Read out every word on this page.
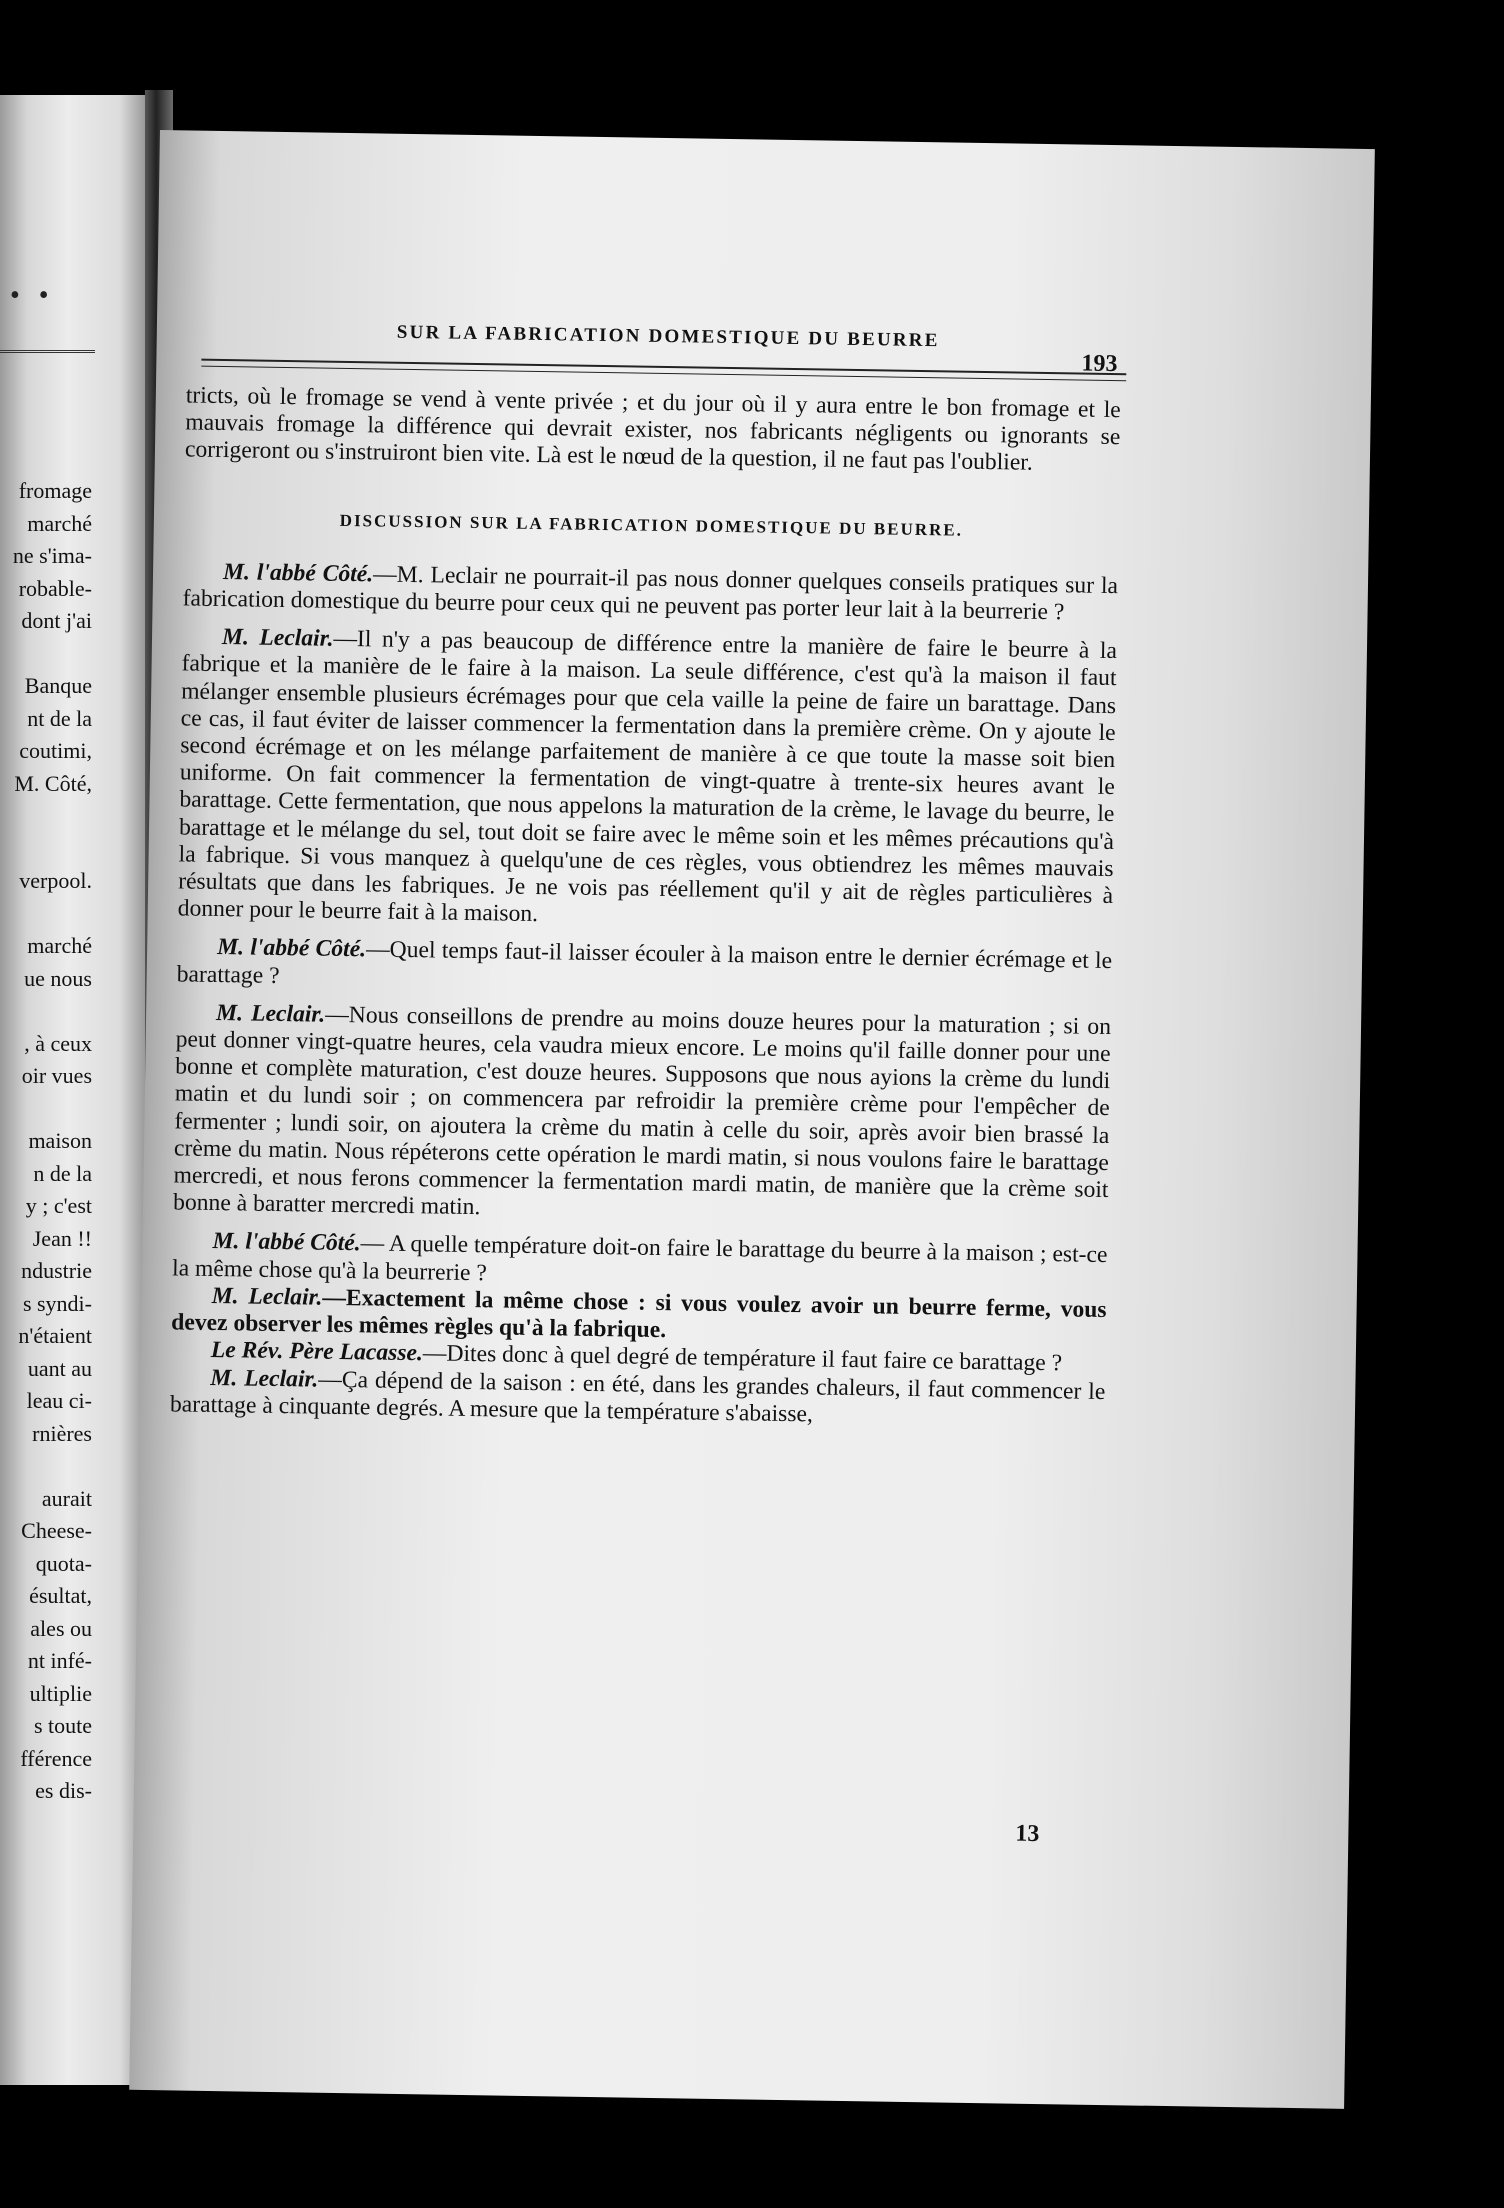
• •
fromage
marché
ne s'ima-
robable-
dont j'ai

Banque
nt de la
coutimi,
M. Côté,

verpool.

marché
ue nous

, à ceux
oir vues

maison
n de la
y ; c'est
Jean !!
ndustrie
s syndi-
n'étaient
uant au
leau ci-
rnières

aurait
Cheese-
quota-
ésultat,
ales ou
nt infé-
ultiplie
s toute
fférence
es dis-
SUR LA FABRICATION DOMESTIQUE DU BEURRE
193

tricts, où le fromage se vend à vente privée ; et du jour où il y aura entre le bon fromage et le mauvais fromage la différence qui devrait exister, nos fabricants négligents ou ignorants se corrigeront ou s'instruiront bien vite. Là est le nœud de la question, il ne faut pas l'oublier.

DISCUSSION SUR LA FABRICATION DOMESTIQUE DU BEURRE.

M. l'abbé Côté.—M. Leclair ne pourrait-il pas nous donner quelques conseils pratiques sur la fabrication domestique du beurre pour ceux qui ne peuvent pas porter leur lait à la beurrerie ?

M. Leclair.—Il n'y a pas beaucoup de différence entre la manière de faire le beurre à la fabrique et la manière de le faire à la maison. La seule différence, c'est qu'à la maison il faut mélanger ensemble plusieurs écrémages pour que cela vaille la peine de faire un barattage. Dans ce cas, il faut éviter de laisser commencer la fermentation dans la première crème. On y ajoute le second écrémage et on les mélange parfaitement de manière à ce que toute la masse soit bien uniforme. On fait commencer la fermentation de vingt-quatre à trente-six heures avant le barattage. Cette fermentation, que nous appelons la maturation de la crème, le lavage du beurre, le barattage et le mélange du sel, tout doit se faire avec le même soin et les mêmes précautions qu'à la fabrique. Si vous manquez à quelqu'une de ces règles, vous obtiendrez les mêmes mauvais résultats que dans les fabriques. Je ne vois pas réellement qu'il y ait de règles particulières à donner pour le beurre fait à la maison.

M. l'abbé Côté.—Quel temps faut-il laisser écouler à la maison entre le dernier écrémage et le barattage ?

M. Leclair.—Nous conseillons de prendre au moins douze heures pour la maturation ; si on peut donner vingt-quatre heures, cela vaudra mieux encore. Le moins qu'il faille donner pour une bonne et complète maturation, c'est douze heures. Supposons que nous ayions la crème du lundi matin et du lundi soir ; on commencera par refroidir la première crème pour l'empêcher de fermenter ; lundi soir, on ajoutera la crème du matin à celle du soir, après avoir bien brassé la crème du matin. Nous répéterons cette opération le mardi matin, si nous voulons faire le barattage mercredi, et nous ferons commencer la fermentation mardi matin, de manière que la crème soit bonne à baratter mercredi matin.

M. l'abbé Côté.— A quelle température doit-on faire le barattage du beurre à la maison ; est-ce la même chose qu'à la beurrerie ?

M. Leclair.—Exactement la même chose : si vous voulez avoir un beurre ferme, vous devez observer les mêmes règles qu'à la fabrique.

Le Rév. Père Lacasse.—Dites donc à quel degré de température il faut faire ce barattage ?

M. Leclair.—Ça dépend de la saison : en été, dans les grandes chaleurs, il faut commencer le barattage à cinquante degrés. A mesure que la température s'abaisse,

13
